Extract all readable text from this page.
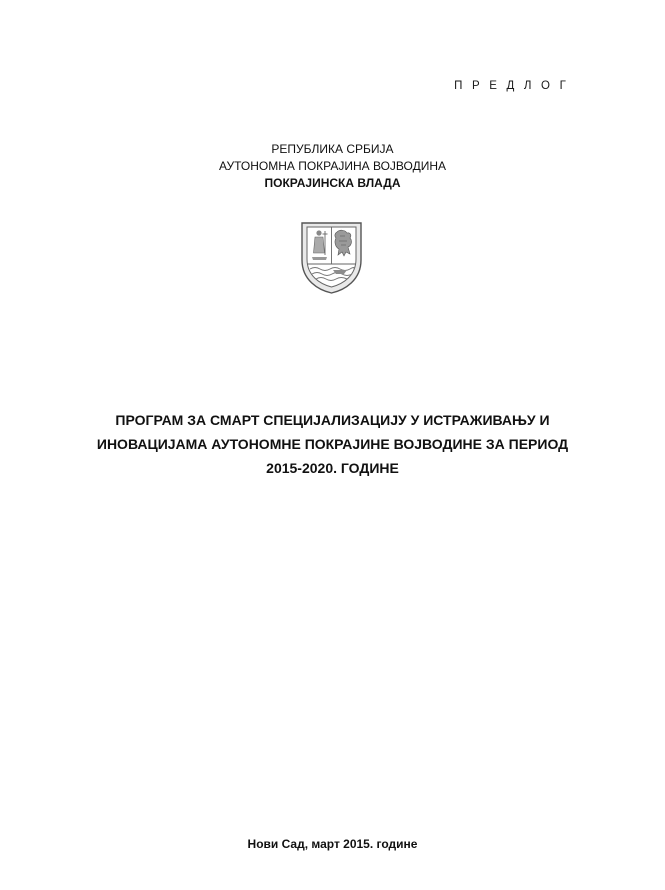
П Р Е Д Л О Г
РЕПУБЛИКА СРБИЈА
АУТОНОМНА ПОКРАЈИНА ВОЈВОДИНА
ПОКРАЈИНСКА ВЛАДА
ПРОГРАМ ЗА СМАРТ СПЕЦИЈАЛИЗАЦИЈУ У ИСТРАЖИВАЊУ И
ИНОВАЦИЈАМА АУТОНОМНЕ ПОКРАЈИНЕ ВОЈВОДИНЕ ЗА ПЕРИОД
2015-2020. ГОДИНЕ
Нови Сад, март 2015. године
